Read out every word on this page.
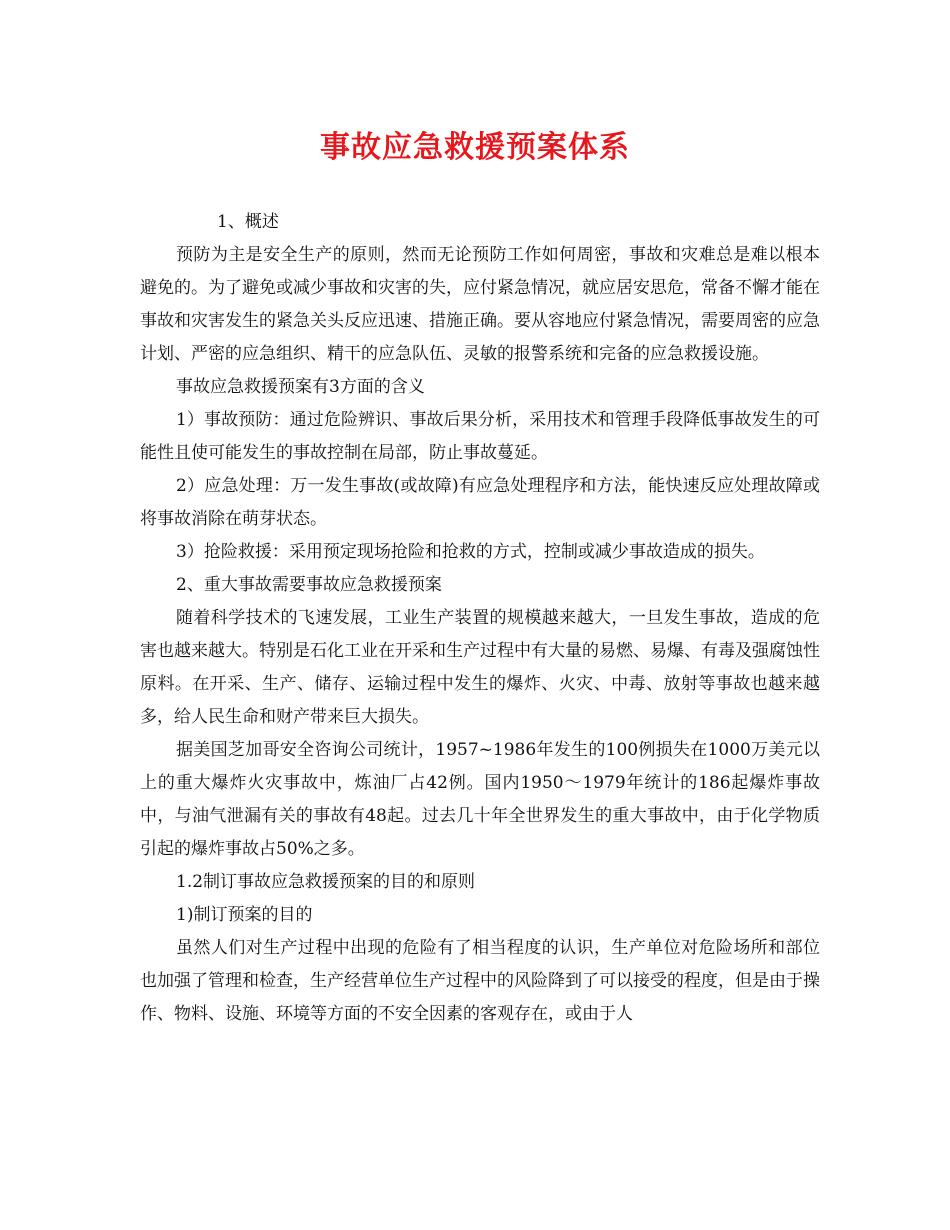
事故应急救援预案体系

1、概述

预防为主是安全生产的原则，然而无论预防工作如何周密，事故和灾难总是难以根本避免的。为了避免或减少事故和灾害的失，应付紧急情况，就应居安思危，常备不懈才能在事故和灾害发生的紧急关头反应迅速、措施正确。要从容地应付紧急情况，需要周密的应急计划、严密的应急组织、精干的应急队伍、灵敏的报警系统和完备的应急救援设施。

事故应急救援预案有3方面的含义

1）事故预防：通过危险辨识、事故后果分析，采用技术和管理手段降低事故发生的可能性且使可能发生的事故控制在局部，防止事故蔓延。

2）应急处理：万一发生事故(或故障)有应急处理程序和方法，能快速反应处理故障或将事故消除在萌芽状态。

3）抢险救援：采用预定现场抢险和抢救的方式，控制或减少事故造成的损失。

2、重大事故需要事故应急救援预案

随着科学技术的飞速发展，工业生产装置的规模越来越大，一旦发生事故，造成的危害也越来越大。特别是石化工业在开采和生产过程中有大量的易燃、易爆、有毒及强腐蚀性原料。在开采、生产、储存、运输过程中发生的爆炸、火灾、中毒、放射等事故也越来越多，给人民生命和财产带来巨大损失。

据美国芝加哥安全咨询公司统计，1957~1986年发生的100例损失在1000万美元以上的重大爆炸火灾事故中，炼油厂占42例。国内1950～1979年统计的186起爆炸事故中，与油气泄漏有关的事故有48起。过去几十年全世界发生的重大事故中，由于化学物质引起的爆炸事故占50%之多。

1.2制订事故应急救援预案的目的和原则

1)制订预案的目的

虽然人们对生产过程中出现的危险有了相当程度的认识，生产单位对危险场所和部位也加强了管理和检查，生产经营单位生产过程中的风险降到了可以接受的程度，但是由于操作、物料、设施、环境等方面的不安全因素的客观存在，或由于人
